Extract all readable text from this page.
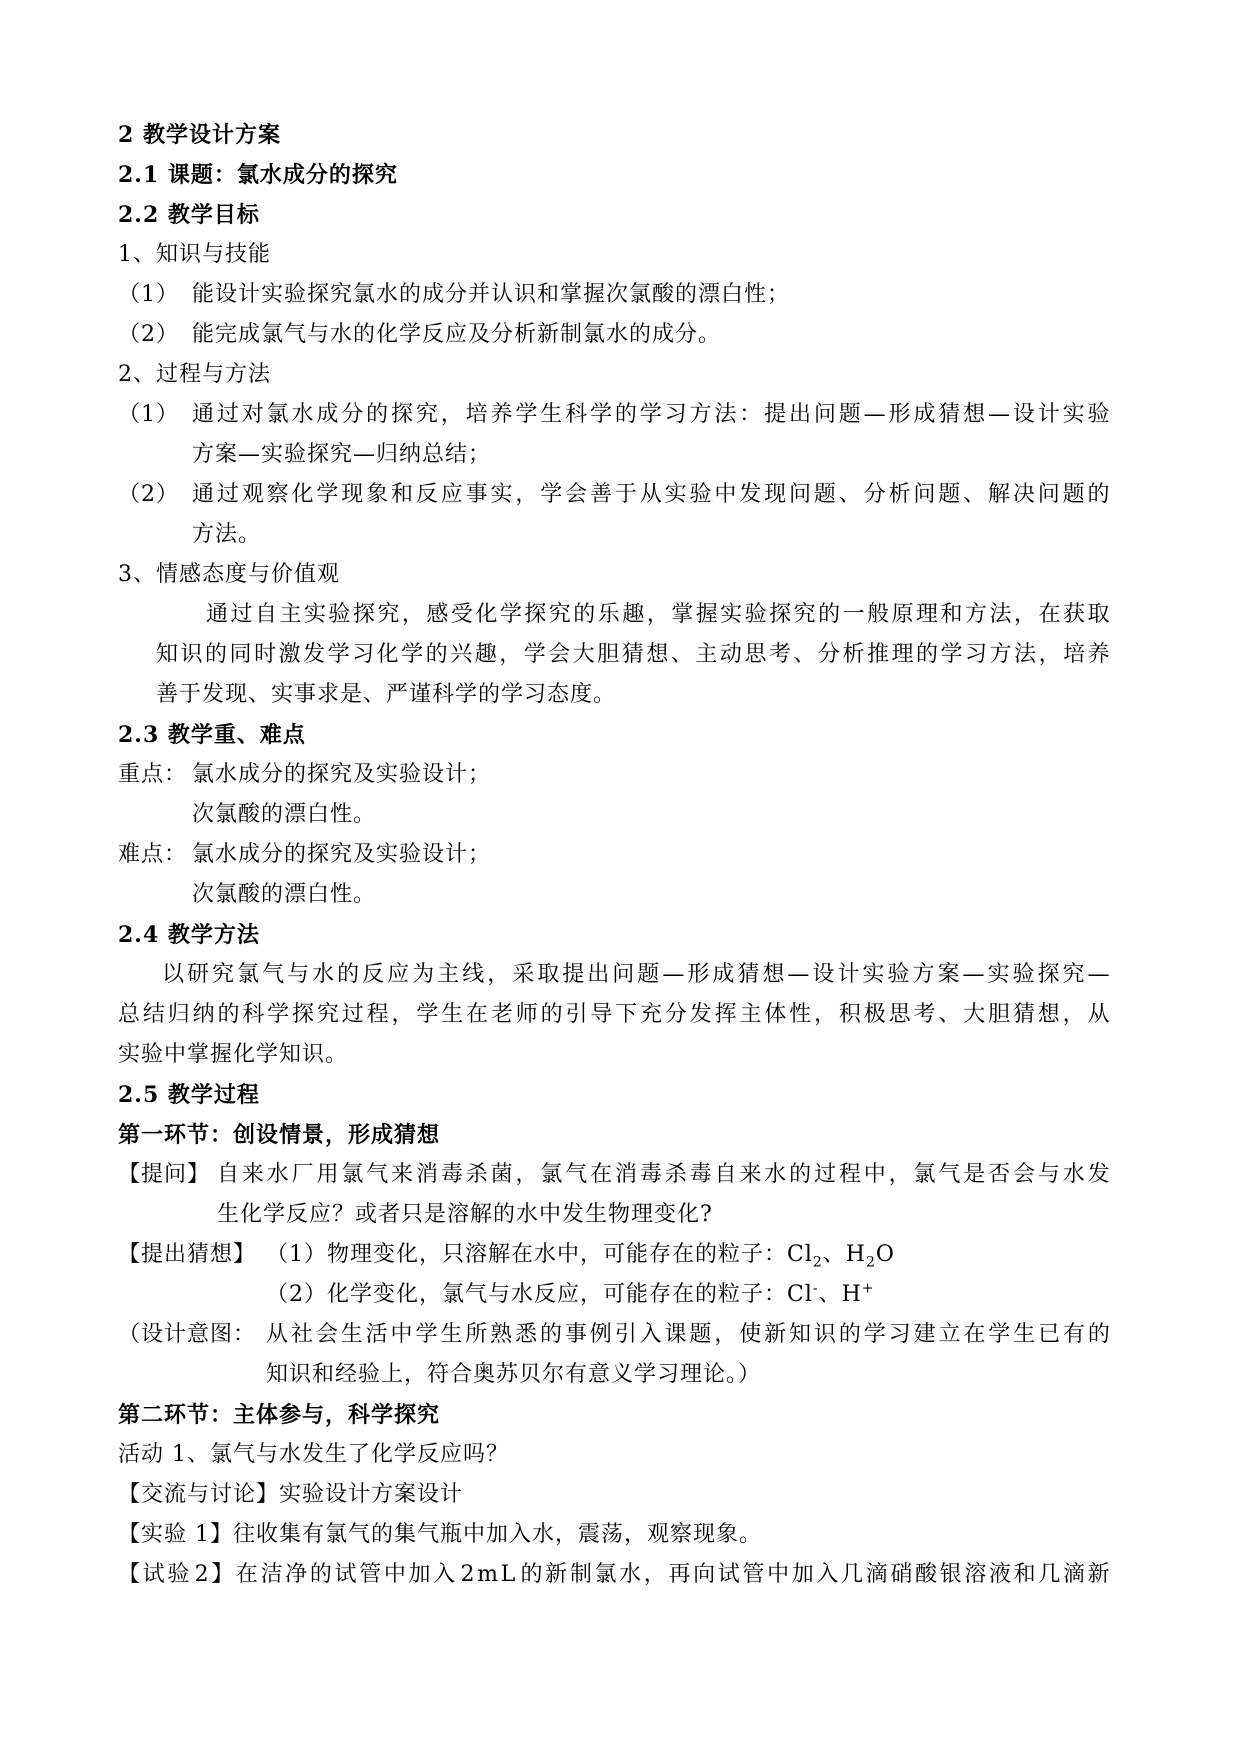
2 教学设计方案

2.1 课题：氯水成分的探究

2.2 教学目标

1、知识与技能

（1） 能设计实验探究氯水的成分并认识和掌握次氯酸的漂白性；

（2） 能完成氯气与水的化学反应及分析新制氯水的成分。

2、过程与方法

（1） 通 过 对 氯 水 成 分 的 探 究 ， 培 养 学 生 科 学 的 学 习 方 法 ： 提 出 问 题 — 形 成 猜 想 — 设 计 实 验

方案—实验探究—归纳总结；

（2） 通 过 观 察 化 学 现 象 和 反 应 事 实 ， 学 会 善 于 从 实 验 中 发 现 问 题 、 分 析 问 题 、 解 决 问 题 的

方法。

3、情感态度与价值观

通 过 自 主 实 验 探 究 ， 感 受 化 学 探 究 的 乐 趣 ， 掌 握 实 验 探 究 的 一 般 原 理 和 方 法 ， 在 获 取

知 识 的 同 时 激 发 学 习 化 学 的 兴 趣 ， 学 会 大 胆 猜 想 、 主 动 思 考 、 分 析 推 理 的 学 习 方 法 ， 培 养

善于发现、实事求是、严谨科学的学习态度。

2.3 教学重、难点

重点： 氯水成分的探究及实验设计；

次氯酸的漂白性。

难点： 氯水成分的探究及实验设计；

次氯酸的漂白性。

2.4 教学方法

以 研 究 氯 气 与 水 的 反 应 为 主 线 ， 采 取 提 出 问 题 — 形 成 猜 想 — 设 计 实 验 方 案 — 实 验 探 究 —

总 结 归 纳 的 科 学 探 究 过 程 ， 学 生 在 老 师 的 引 导 下 充 分 发 挥 主 体 性 ， 积 极 思 考 、 大 胆 猜 想 ， 从

实验中掌握化学知识。

2.5 教学过程

第一环节：创设情景，形成猜想

【提问】 自 来 水 厂 用 氯 气 来 消 毒 杀 菌 ， 氯 气 在 消 毒 杀 毒 自 来 水 的 过 程 中 ， 氯 气 是 否 会 与 水 发

生化学反应？或者只是溶解的水中发生物理变化?

【提出猜想】 （1）物理变化，只溶解在水中，可能存在的粒子：$Cl_2$、$H_2O$

（2）化学变化，氯气与水反应，可能存在的粒子：Cl-、H+

（设计意图： 从 社 会 生 活 中 学 生 所 熟 悉 的 事 例 引 入 课 题 ， 使 新 知 识 的 学 习 建 立 在 学 生 已 有 的

知识和经验上，符合奥苏贝尔有意义学习理论。）

第二环节：主体参与，科学探究

活动 1、氯气与水发生了化学反应吗？

【交流与讨论】实验设计方案设计

【实验 1】往收集有氯气的集气瓶中加入水，震荡，观察现象。

【 试 验 2 】 在 洁 净 的 试 管 中 加 入 2 m L 的 新 制 氯 水 ， 再 向 试 管 中 加 入 几 滴 硝 酸 银 溶 液 和 几 滴 新
